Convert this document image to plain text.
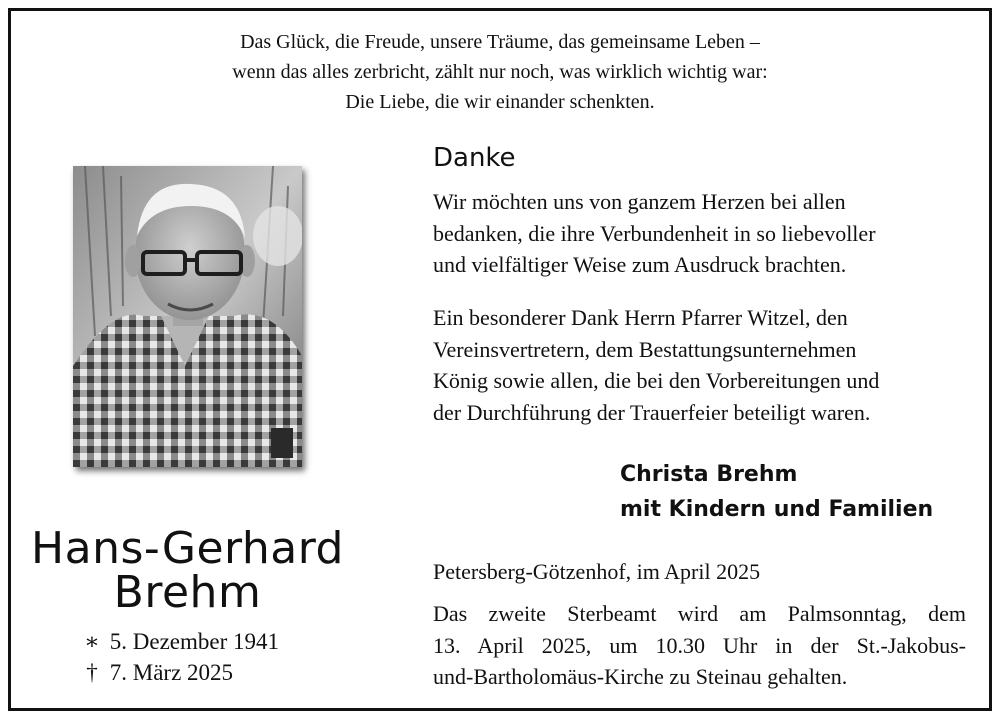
Das Glück, die Freude, unsere Träume, das gemeinsame Leben –
wenn das alles zerbricht, zählt nur noch, was wirklich wichtig war:
Die Liebe, die wir einander schenkten.
Hans-Gerhard
Brehm
∗ 5. Dezember 1941
† 7. März 2025
Danke
Wir möchten uns von ganzem Herzen bei allen
bedanken, die ihre Verbundenheit in so liebevoller
und vielfältiger Weise zum Ausdruck brachten.
Ein besonderer Dank Herrn Pfarrer Witzel, den
Vereinsvertretern, dem Bestattungsunternehmen
König sowie allen, die bei den Vorbereitungen und
der Durchführung der Trauerfeier beteiligt waren.
Christa Brehm
mit Kindern und Familien
Petersberg-Götzenhof, im April 2025
Das zweite Sterbeamt wird am Palmsonntag, dem
13. April 2025, um 10.30 Uhr in der St.-Jakobus-
und-Bartholomäus-Kirche zu Steinau gehalten.
